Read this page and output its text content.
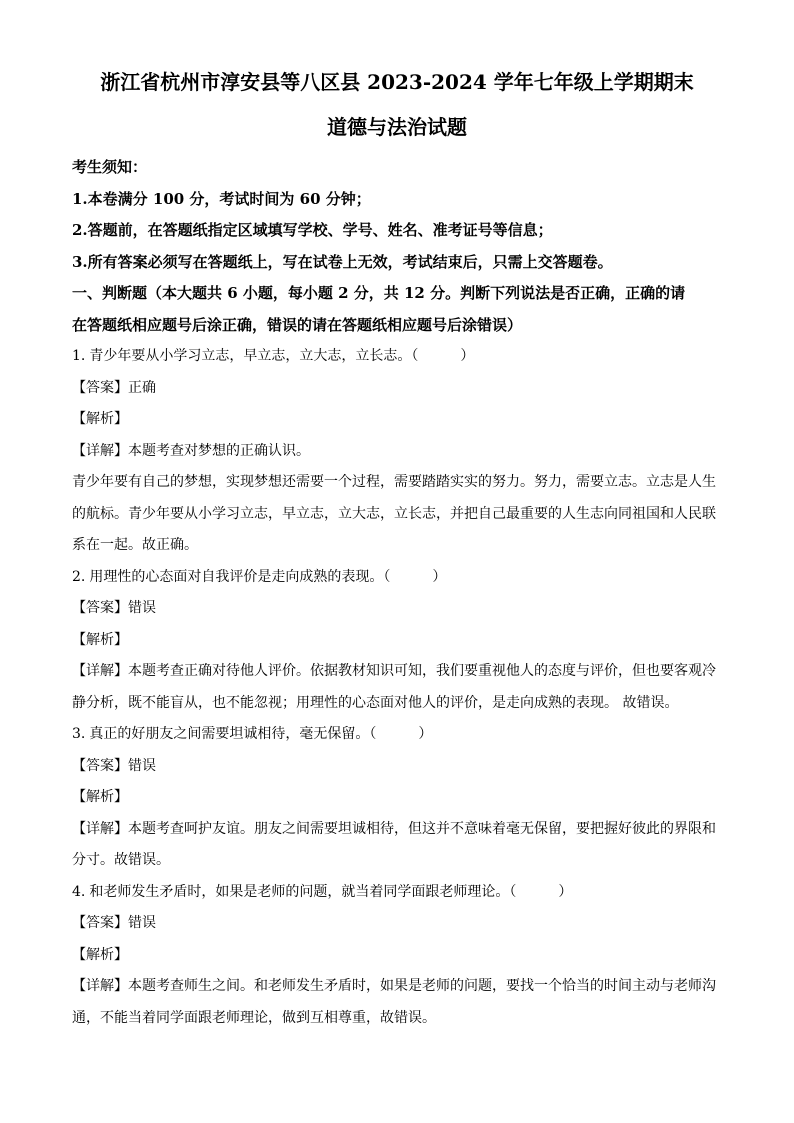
浙江省杭州市淳安县等八区县 2023-2024 学年七年级上学期期末
道德与法治试题
考生须知：
1.本卷满分 100 分，考试时间为 60 分钟；
2.答题前，在答题纸指定区域填写学校、学号、姓名、准考证号等信息；
3.所有答案必须写在答题纸上，写在试卷上无效，考试结束后，只需上交答题卷。
一、判断题（本大题共 6 小题，每小题 2 分，共 12 分。判断下列说法是否正确，正确的请
在答题纸相应题号后涂正确，错误的请在答题纸相应题号后涂错误）
1. 青少年要从小学习立志，早立志，立大志，立长志。（	）
【答案】正确
【解析】
【详解】本题考查对梦想的正确认识。
青少年要有自己的梦想，实现梦想还需要一个过程，需要踏踏实实的努力。努力，需要立志。立志是人生
的航标。青少年要从小学习立志，早立志，立大志，立长志，并把自己最重要的人生志向同祖国和人民联
系在一起。故正确。
2. 用理性的心态面对自我评价是走向成熟的表现。（	）
【答案】错误
【解析】
【详解】本题考查正确对待他人评价。依据教材知识可知，我们要重视他人的态度与评价，但也要客观冷
静分析，既不能盲从，也不能忽视；用理性的心态面对他人的评价，是走向成熟的表现。 故错误。
3. 真正的好朋友之间需要坦诚相待，毫无保留。（	）
【答案】错误
【解析】
【详解】本题考查呵护友谊。朋友之间需要坦诚相待，但这并不意味着毫无保留，要把握好彼此的界限和
分寸。故错误。
4. 和老师发生矛盾时，如果是老师的问题，就当着同学面跟老师理论。（	）
【答案】错误
【解析】
【详解】本题考查师生之间。和老师发生矛盾时，如果是老师的问题，要找一个恰当的时间主动与老师沟
通，不能当着同学面跟老师理论，做到互相尊重，故错误。
